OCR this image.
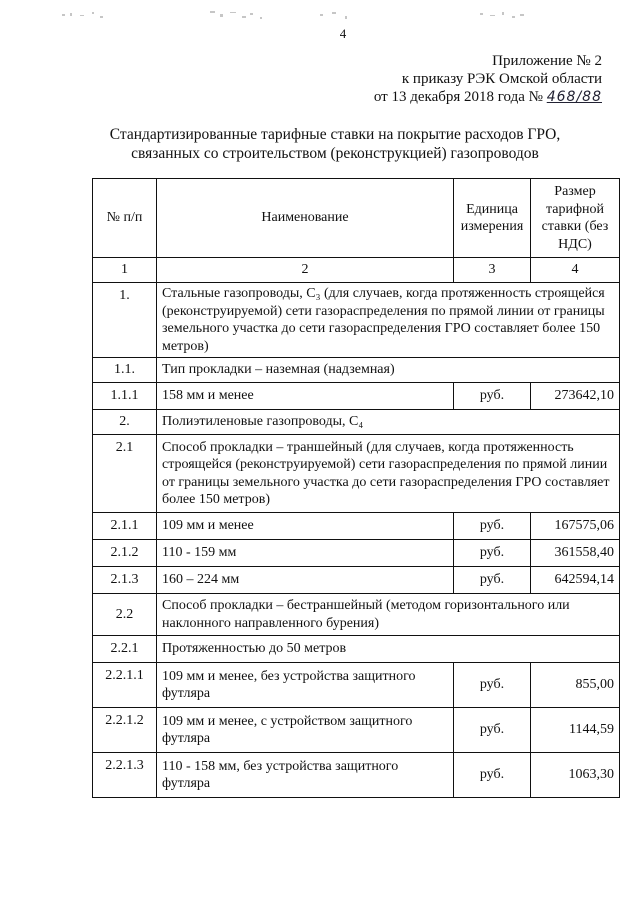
4
Приложение № 2
к приказу РЭК Омской области
от 13 декабря 2018 года № 468/88
Стандартизированные тарифные ставки на покрытие расходов ГРО,
связанных со строительством (реконструкцией) газопроводов
№ п/п	Наименование	Единица измерения	Размер тарифной ставки (без НДС)
1	2	3	4
1.	Стальные газопроводы, С₃ (для случаев, когда протяженность строящейся (реконструируемой) сети газораспределения по прямой линии от границы земельного участка до сети газораспределения ГРО составляет более 150 метров)		
1.1.	Тип прокладки – наземная (надземная)		
1.1.1	158 мм и менее	руб.	273642,10
2.	Полиэтиленовые газопроводы, С₄		
2.1	Способ прокладки – траншейный (для случаев, когда протяженность строящейся (реконструируемой) сети газораспределения по прямой линии от границы земельного участка до сети газораспределения ГРО составляет более 150 метров)		
2.1.1	109 мм и менее	руб.	167575,06
2.1.2	110 - 159 мм	руб.	361558,40
2.1.3	160 – 224 мм	руб.	642594,14
2.2	Способ прокладки – бестраншейный (методом горизонтального или наклонного направленного бурения)		
2.2.1	Протяженностью до 50 метров		
2.2.1.1	109 мм и менее, без устройства защитного футляра	руб.	855,00
2.2.1.2	109 мм и менее, с устройством защитного футляра	руб.	1144,59
2.2.1.3	110 - 158 мм, без устройства защитного футляра	руб.	1063,30
